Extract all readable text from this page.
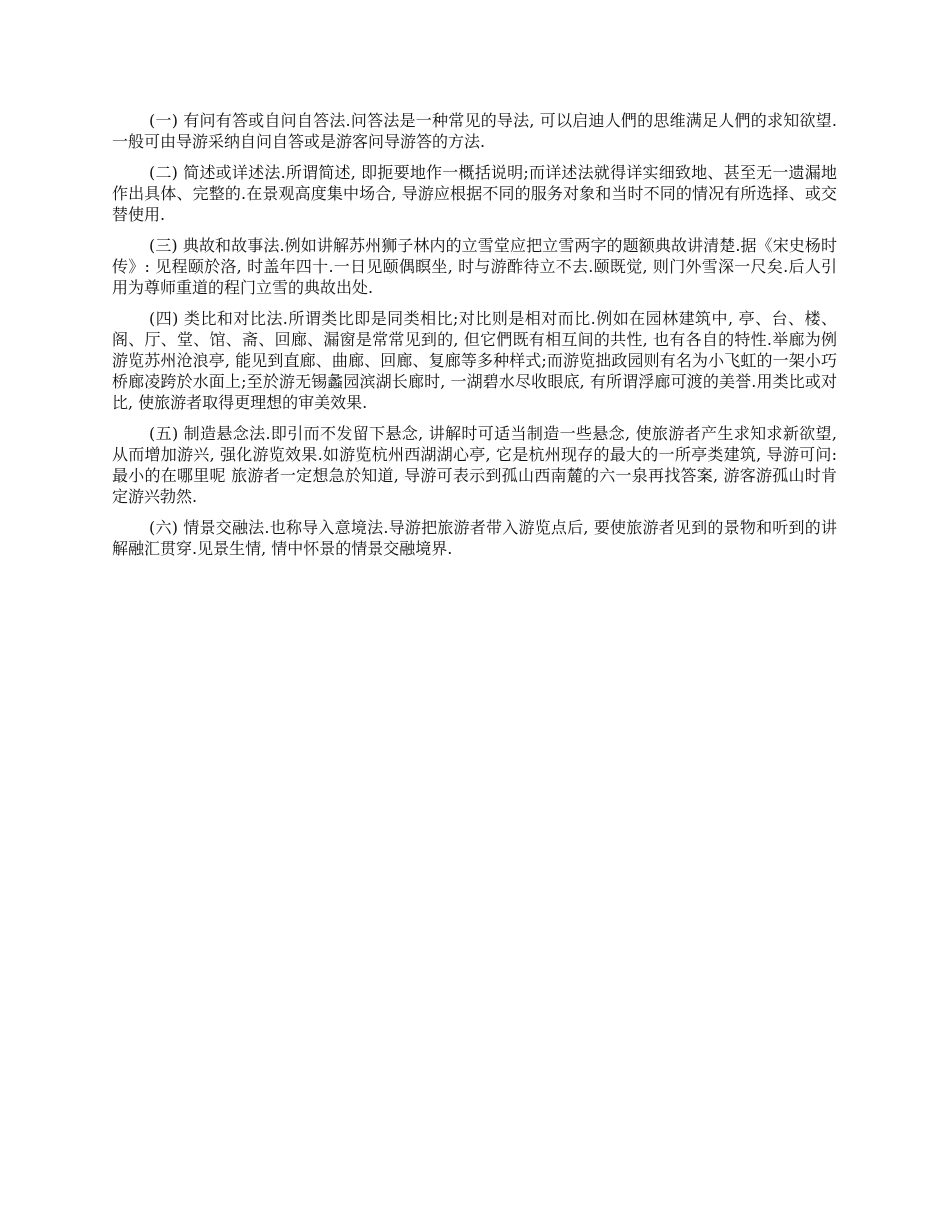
(一) 有问有答或自问自答法.问答法是一种常见的导法, 可以启迪人們的思维满足人們的求知欲望.一般可由导游采纳自问自答或是游客问导游答的方法.

(二) 简述或详述法.所谓简述, 即扼要地作一概括说明;而详述法就得详实细致地、甚至无一遗漏地作出具体、完整的.在景观高度集中场合, 导游应根据不同的服务对象和当时不同的情况有所选择、或交替使用.

(三) 典故和故事法.例如讲解苏州狮子林内的立雪堂应把立雪两字的题额典故讲清楚.据《宋史杨时传》: 见程颐於洛, 时盖年四十.一日见颐偶瞑坐, 时与游酢待立不去.颐既觉, 则门外雪深一尺矣.后人引用为尊师重道的程门立雪的典故出处.

(四) 类比和对比法.所谓类比即是同类相比;对比则是相对而比.例如在园林建筑中, 亭、台、楼、阁、厅、堂、馆、斋、回廊、漏窗是常常见到的, 但它們既有相互间的共性, 也有各自的特性.举廊为例游览苏州沧浪亭, 能见到直廊、曲廊、回廊、复廊等多种样式;而游览拙政园则有名为小飞虹的一架小巧桥廊凌跨於水面上;至於游无锡蠡园滨湖长廊时, 一湖碧水尽收眼底, 有所谓浮廊可渡的美誉.用类比或对比, 使旅游者取得更理想的审美效果.

(五) 制造悬念法.即引而不发留下悬念, 讲解时可适当制造一些悬念, 使旅游者产生求知求新欲望, 从而增加游兴, 强化游览效果.如游览杭州西湖湖心亭, 它是杭州现存的最大的一所亭类建筑, 导游可问: 最小的在哪里呢 旅游者一定想急於知道, 导游可表示到孤山西南麓的六一泉再找答案, 游客游孤山时肯定游兴勃然.

(六) 情景交融法.也称导入意境法.导游把旅游者带入游览点后, 要使旅游者见到的景物和听到的讲解融汇贯穿.见景生情, 情中怀景的情景交融境界.
